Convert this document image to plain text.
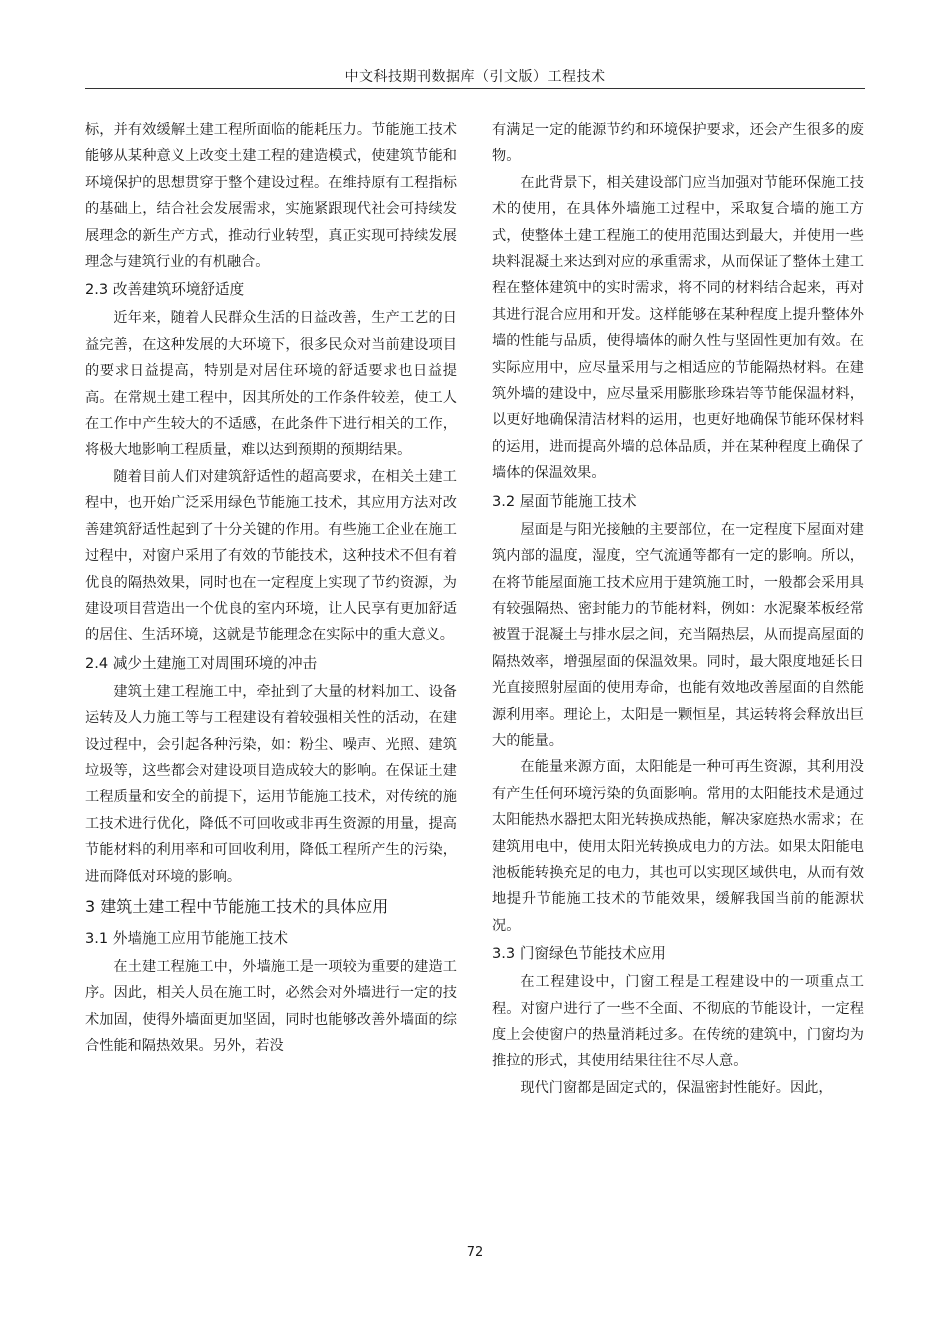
中文科技期刊数据库（引文版）工程技术

标，并有效缓解土建工程所面临的能耗压力。节能施工技术能够从某种意义上改变土建工程的建造模式，使建筑节能和环境保护的思想贯穿于整个建设过程。在维持原有工程指标的基础上，结合社会发展需求，实施紧跟现代社会可持续发展理念的新生产方式，推动行业转型，真正实现可持续发展理念与建筑行业的有机融合。

2.3 改善建筑环境舒适度

近年来，随着人民群众生活的日益改善，生产工艺的日益完善，在这种发展的大环境下，很多民众对当前建设项目的要求日益提高，特别是对居住环境的舒适要求也日益提高。在常规土建工程中，因其所处的工作条件较差，使工人在工作中产生较大的不适感，在此条件下进行相关的工作，将极大地影响工程质量，难以达到预期的预期结果。

随着目前人们对建筑舒适性的超高要求，在相关土建工程中，也开始广泛采用绿色节能施工技术，其应用方法对改善建筑舒适性起到了十分关键的作用。有些施工企业在施工过程中，对窗户采用了有效的节能技术，这种技术不但有着优良的隔热效果，同时也在一定程度上实现了节约资源，为建设项目营造出一个优良的室内环境，让人民享有更加舒适的居住、生活环境，这就是节能理念在实际中的重大意义。

2.4 减少土建施工对周围环境的冲击

建筑土建工程施工中，牵扯到了大量的材料加工、设备运转及人力施工等与工程建设有着较强相关性的活动，在建设过程中，会引起各种污染，如：粉尘、噪声、光照、建筑垃圾等，这些都会对建设项目造成较大的影响。在保证土建工程质量和安全的前提下，运用节能施工技术，对传统的施工技术进行优化，降低不可回收或非再生资源的用量，提高节能材料的利用率和可回收利用，降低工程所产生的污染，进而降低对环境的影响。

3 建筑土建工程中节能施工技术的具体应用
3.1 外墙施工应用节能施工技术

在土建工程施工中，外墙施工是一项较为重要的建造工序。因此，相关人员在施工时，必然会对外墙进行一定的技术加固，使得外墙面更加坚固，同时也能够改善外墙面的综合性能和隔热效果。另外，若没

有满足一定的能源节约和环境保护要求，还会产生很多的废物。

在此背景下，相关建设部门应当加强对节能环保施工技术的使用，在具体外墙施工过程中，采取复合墙的施工方式，使整体土建工程施工的使用范围达到最大，并使用一些块料混凝土来达到对应的承重需求，从而保证了整体土建工程在整体建筑中的实时需求，将不同的材料结合起来，再对其进行混合应用和开发。这样能够在某种程度上提升整体外墙的性能与品质，使得墙体的耐久性与坚固性更加有效。在实际应用中，应尽量采用与之相适应的节能隔热材料。在建筑外墙的建设中，应尽量采用膨胀珍珠岩等节能保温材料，以更好地确保清洁材料的运用，也更好地确保节能环保材料的运用，进而提高外墙的总体品质，并在某种程度上确保了墙体的保温效果。

3.2 屋面节能施工技术

屋面是与阳光接触的主要部位，在一定程度下屋面对建筑内部的温度，湿度，空气流通等都有一定的影响。所以，在将节能屋面施工技术应用于建筑施工时，一般都会采用具有较强隔热、密封能力的节能材料，例如：水泥聚苯板经常被置于混凝土与排水层之间，充当隔热层，从而提高屋面的隔热效率，增强屋面的保温效果。同时，最大限度地延长日光直接照射屋面的使用寿命，也能有效地改善屋面的自然能源利用率。理论上，太阳是一颗恒星，其运转将会释放出巨大的能量。

在能量来源方面，太阳能是一种可再生资源，其利用没有产生任何环境污染的负面影响。常用的太阳能技术是通过太阳能热水器把太阳光转换成热能，解决家庭热水需求；在建筑用电中，使用太阳光转换成电力的方法。如果太阳能电池板能转换充足的电力，其也可以实现区域供电，从而有效地提升节能施工技术的节能效果，缓解我国当前的能源状况。

3.3 门窗绿色节能技术应用

在工程建设中，门窗工程是工程建设中的一项重点工程。对窗户进行了一些不全面、不彻底的节能设计，一定程度上会使窗户的热量消耗过多。在传统的建筑中，门窗均为推拉的形式，其使用结果往往不尽人意。

现代门窗都是固定式的，保温密封性能好。因此，

72
